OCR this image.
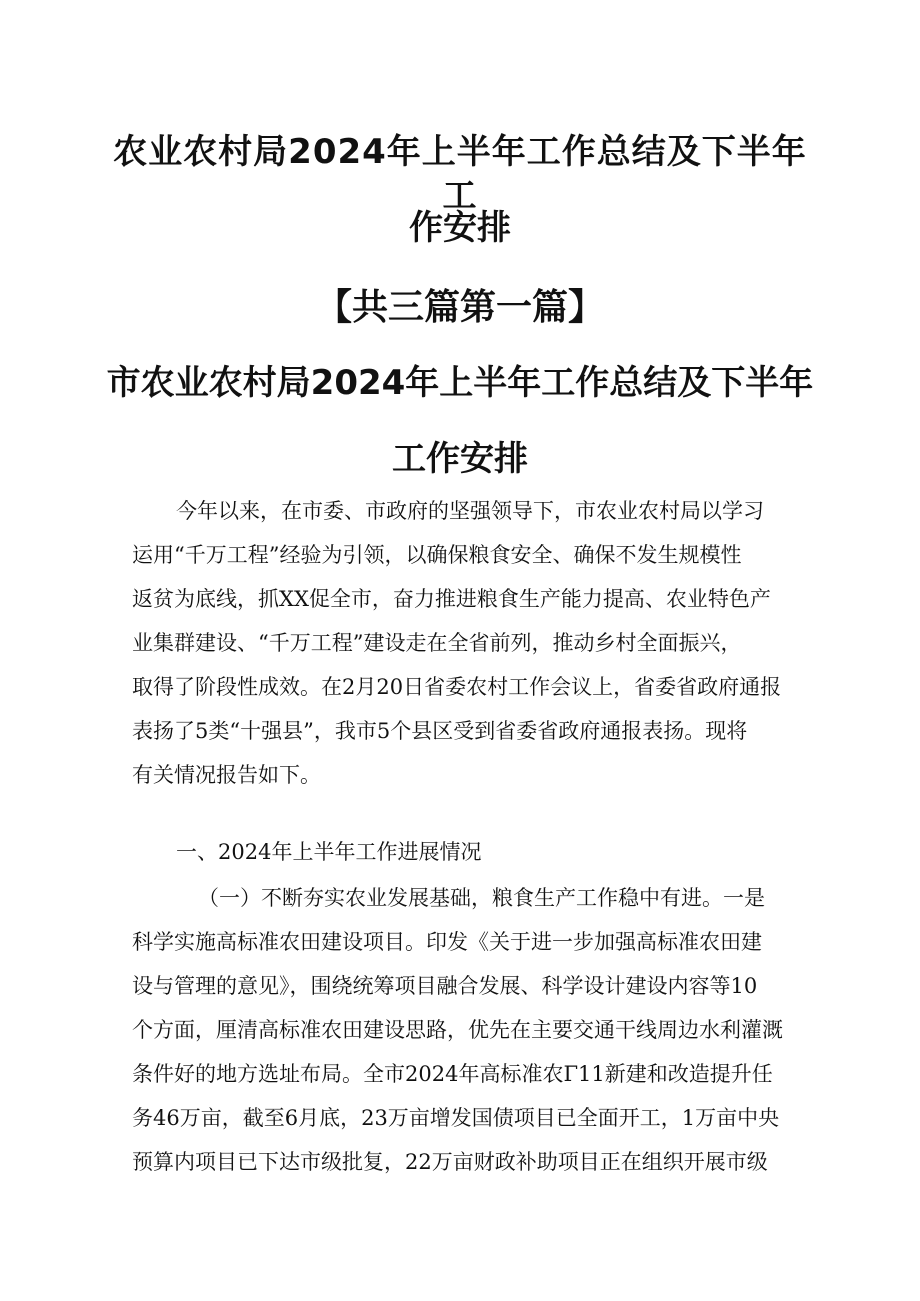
农业农村局2024年上半年工作总结及下半年工
作安排
【共三篇第一篇】
市农业农村局2024年上半年工作总结及下半年
工作安排
今年以来，在市委、市政府的坚强领导下，市农业农村局以学习
运用“千万工程”经验为引领，以确保粮食安全、确保不发生规模性
返贫为底线，抓XX促全市，奋力推进粮食生产能力提高、农业特色产
业集群建设、“千万工程”建设走在全省前列，推动乡村全面振兴，
取得了阶段性成效。在2月20日省委农村工作会议上，省委省政府通报
表扬了5类“十强县”，我市5个县区受到省委省政府通报表扬。现将
有关情况报告如下。
一、2024年上半年工作进展情况
（一）不断夯实农业发展基础，粮食生产工作稳中有进。一是
科学实施高标准农田建设项目。印发《关于进一步加强高标准农田建
设与管理的意见》，围绕统筹项目融合发展、科学设计建设内容等10
个方面，厘清高标准农田建设思路，优先在主要交通干线周边水利灌溉
条件好的地方选址布局。全市2024年高标准农Γ11新建和改造提升任
务46万亩，截至6月底，23万亩增发国债项目已全面开工，1万亩中央
预算内项目已下达市级批复，22万亩财政补助项目正在组织开展市级
